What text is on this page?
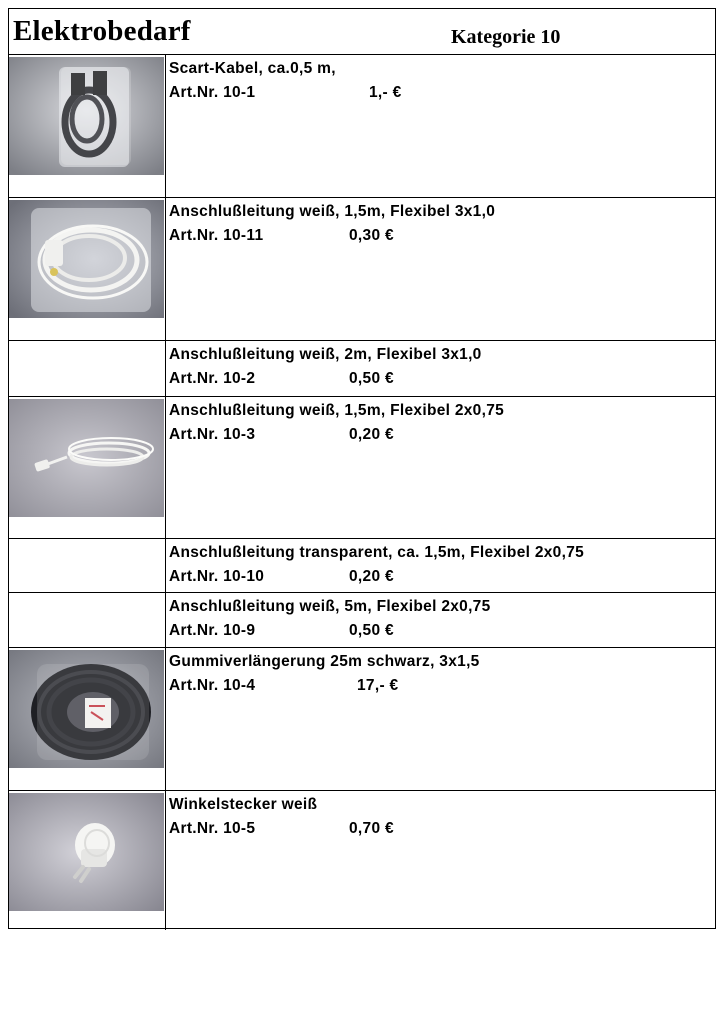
Elektrobedarf	Kategorie 10
Scart-Kabel, ca.0,5 m,
Art.Nr. 10-1	1,- €
Anschlußleitung weiß, 1,5m, Flexibel 3x1,0
Art.Nr. 10-11	0,30 €
Anschlußleitung weiß, 2m, Flexibel 3x1,0
Art.Nr. 10-2	0,50 €
Anschlußleitung weiß, 1,5m, Flexibel 2x0,75
Art.Nr. 10-3	0,20 €
Anschlußleitung transparent, ca. 1,5m, Flexibel 2x0,75
Art.Nr. 10-10	0,20 €
Anschlußleitung weiß, 5m, Flexibel 2x0,75
Art.Nr. 10-9	0,50 €
Gummiverlängerung 25m schwarz, 3x1,5
Art.Nr. 10-4	17,- €
Winkelstecker weiß
Art.Nr. 10-5	0,70 €
